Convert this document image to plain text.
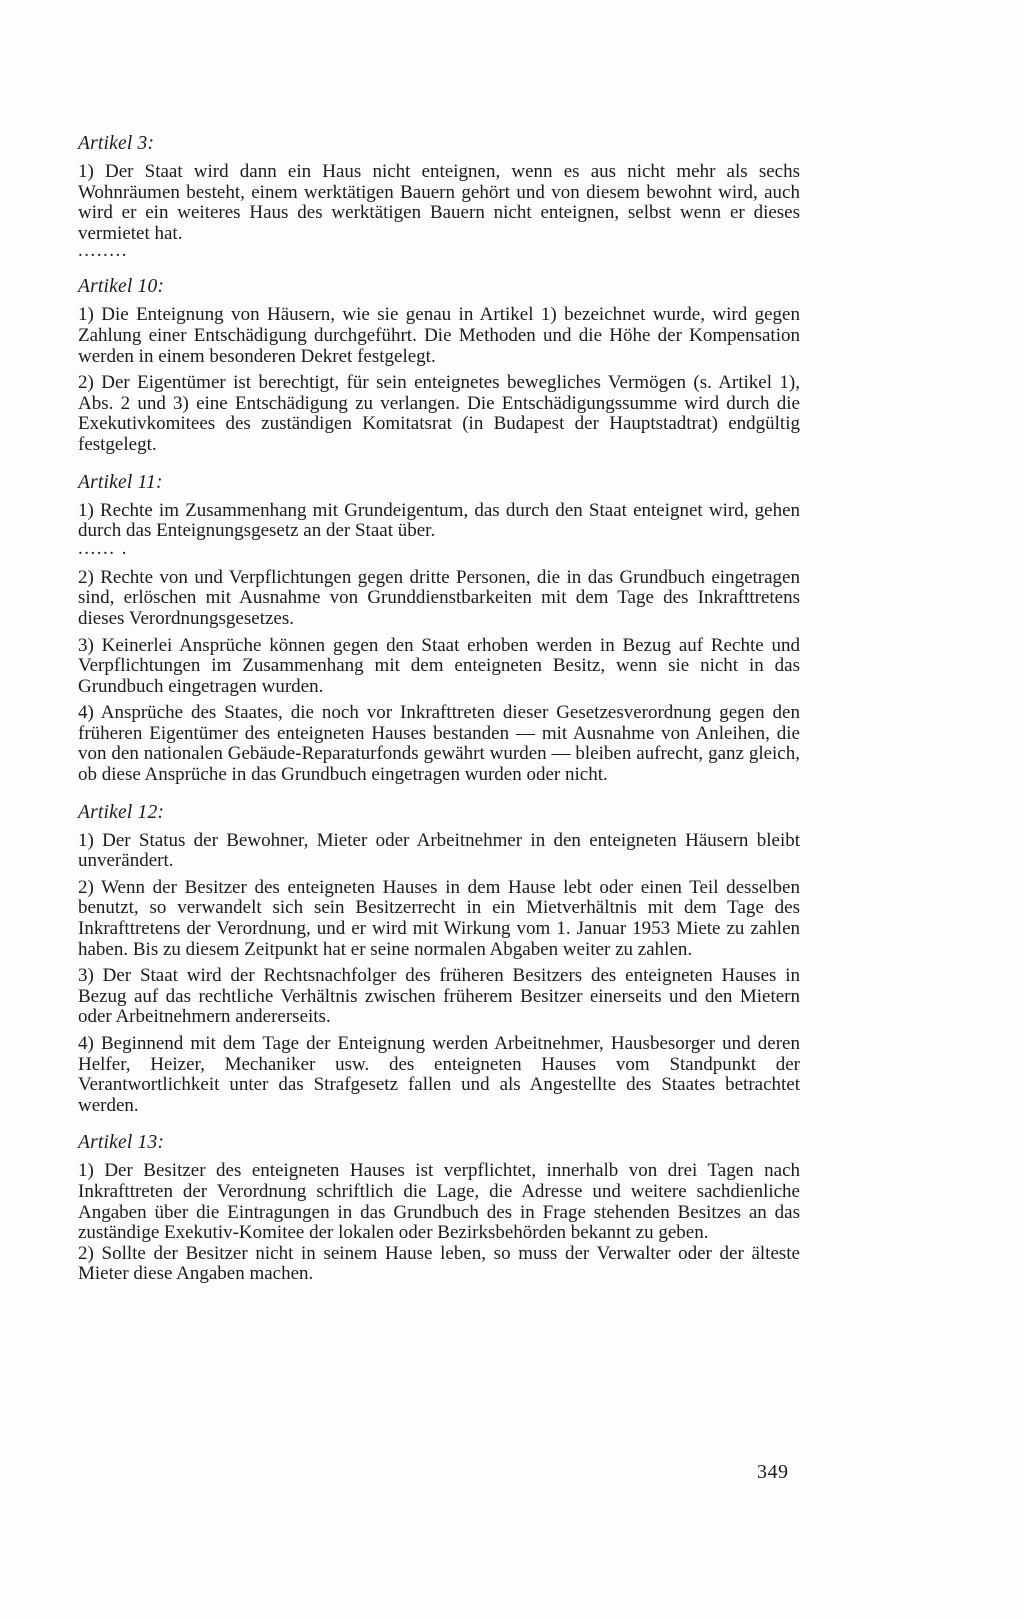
Artikel 3:

1) Der Staat wird dann ein Haus nicht enteignen, wenn es aus nicht mehr als sechs Wohnräumen besteht, einem werktätigen Bauern gehört und von diesem bewohnt wird, auch wird er ein weiteres Haus des werktätigen Bauern nicht enteignen, selbst wenn er dieses vermietet hat.

........
Artikel 10:

1) Die Enteignung von Häusern, wie sie genau in Artikel 1) bezeichnet wurde, wird gegen Zahlung einer Entschädigung durchgeführt. Die Methoden und die Höhe der Kompensation werden in einem besonderen Dekret festgelegt.

2) Der Eigentümer ist berechtigt, für sein enteignetes bewegliches Vermögen (s. Artikel 1), Abs. 2 und 3) eine Entschädigung zu verlangen. Die Entschädigungssumme wird durch die Exekutivkomitees des zuständigen Komitatsrat (in Budapest der Hauptstadtrat) endgültig festgelegt.

Artikel 11:

1) Rechte im Zusammenhang mit Grundeigentum, das durch den Staat enteignet wird, gehen durch das Enteignungsgesetz an der Staat über.

...... .

2) Rechte von und Verpflichtungen gegen dritte Personen, die in das Grundbuch eingetragen sind, erlöschen mit Ausnahme von Grunddienstbarkeiten mit dem Tage des Inkrafttretens dieses Verordnungsgesetzes.

3) Keinerlei Ansprüche können gegen den Staat erhoben werden in Bezug auf Rechte und Verpflichtungen im Zusammenhang mit dem enteigneten Besitz, wenn sie nicht in das Grundbuch eingetragen wurden.

4) Ansprüche des Staates, die noch vor Inkrafttreten dieser Gesetzesverordnung gegen den früheren Eigentümer des enteigneten Hauses bestanden — mit Ausnahme von Anleihen, die von den nationalen Gebäude-Reparaturfonds gewährt wurden — bleiben aufrecht, ganz gleich, ob diese Ansprüche in das Grundbuch eingetragen wurden oder nicht.

Artikel 12:

1) Der Status der Bewohner, Mieter oder Arbeitnehmer in den enteigneten Häusern bleibt unverändert.

2) Wenn der Besitzer des enteigneten Hauses in dem Hause lebt oder einen Teil desselben benutzt, so verwandelt sich sein Besitzerrecht in ein Mietverhältnis mit dem Tage des Inkrafttretens der Verordnung, und er wird mit Wirkung vom 1. Januar 1953 Miete zu zahlen haben. Bis zu diesem Zeitpunkt hat er seine normalen Abgaben weiter zu zahlen.

3) Der Staat wird der Rechtsnachfolger des früheren Besitzers des enteigneten Hauses in Bezug auf das rechtliche Verhältnis zwischen früherem Besitzer einerseits und den Mietern oder Arbeitnehmern andererseits.

4) Beginnend mit dem Tage der Enteignung werden Arbeitnehmer, Hausbesorger und deren Helfer, Heizer, Mechaniker usw. des enteigneten Hauses vom Standpunkt der Verantwortlichkeit unter das Strafgesetz fallen und als Angestellte des Staates betrachtet werden.

Artikel 13:

1) Der Besitzer des enteigneten Hauses ist verpflichtet, innerhalb von drei Tagen nach Inkrafttreten der Verordnung schriftlich die Lage, die Adresse und weitere sachdienliche Angaben über die Eintragungen in das Grundbuch des in Frage stehenden Besitzes an das zuständige Exekutiv-Komitee der lokalen oder Bezirksbehörden bekannt zu geben.

2) Sollte der Besitzer nicht in seinem Hause leben, so muss der Verwalter oder der älteste Mieter diese Angaben machen.

349
